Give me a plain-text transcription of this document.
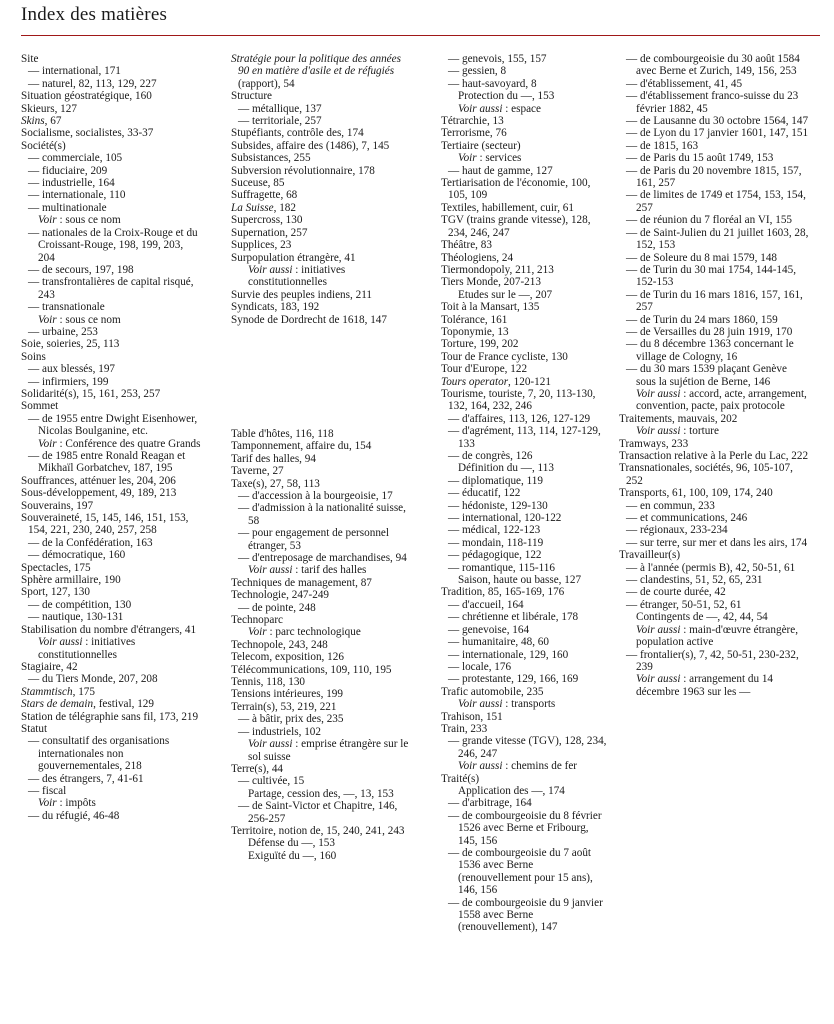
Index des matières
Site
— international, 171
— naturel, 82, 113, 129, 227
Situation géostratégique, 160
Skieurs, 127
Skins, 67
Socialisme, socialistes, 33-37
Société(s)
— commerciale, 105
— fiduciaire, 209
— industrielle, 164
— internationale, 110
— multinationale
Voir : sous ce nom
— nationales de la Croix-Rouge et du Croissant-Rouge, 198, 199, 203, 204
— de secours, 197, 198
— transfrontalières de capital risqué, 243
— transnationale
Voir : sous ce nom
— urbaine, 253
Soie, soieries, 25, 113
Soins
— aux blessés, 197
— infirmiers, 199
Solidarité(s), 15, 161, 253, 257
Sommet
— de 1955 entre Dwight Eisenhower, Nicolas Boulganine, etc.
Voir : Conférence des quatre Grands
— de 1985 entre Ronald Reagan et Mikhaïl Gorbatchev, 187, 195
Souffrances, atténuer les, 204, 206
Sous-développement, 49, 189, 213
Souverains, 197
Souveraineté, 15, 145, 146, 151, 153, 154, 221, 230, 240, 257, 258
— de la Confédération, 163
— démocratique, 160
Spectacles, 175
Sphère armillaire, 190
Sport, 127, 130
— de compétition, 130
— nautique, 130-131
Stabilisation du nombre d'étrangers, 41
Voir aussi : initiatives constitutionnelles
Stagiaire, 42
— du Tiers Monde, 207, 208
Stammtisch, 175
Stars de demain, festival, 129
Station de télégraphie sans fil, 173, 219
Statut
— consultatif des organisations internationales non gouvernementales, 218
— des étrangers, 7, 41-61
— fiscal
Voir : impôts
— du réfugié, 46-48
Stratégie pour la politique des années 90 en matière d'asile et de réfugiés (rapport), 54
Structure
— métallique, 137
— territoriale, 257
Stupéfiants, contrôle des, 174
Subsides, affaire des (1486), 7, 145
Subsistances, 255
Subversion révolutionnaire, 178
Suceuse, 85
Suffragette, 68
La Suisse, 182
Supercross, 130
Supernation, 257
Supplices, 23
Surpopulation étrangère, 41
Voir aussi : initiatives constitutionnelles
Survie des peuples indiens, 211
Syndicats, 183, 192
Synode de Dordrecht de 1618, 147
Table d'hôtes, 116, 118
Tamponnement, affaire du, 154
Tarif des halles, 94
Taverne, 27
Taxe(s), 27, 58, 113
— d'accession à la bourgeoisie, 17
— d'admission à la nationalité suisse, 58
— pour engagement de personnel étranger, 53
— d'entreposage de marchandises, 94
Voir aussi : tarif des halles
Techniques de management, 87
Technologie, 247-249
— de pointe, 248
Technoparc
Voir : parc technologique
Technopole, 243, 248
Telecom, exposition, 126
Télécommunications, 109, 110, 195
Tennis, 118, 130
Tensions intérieures, 199
Terrain(s), 53, 219, 221
— à bâtir, prix des, 235
— industriels, 102
Voir aussi : emprise étrangère sur le sol suisse
Terre(s), 44
— cultivée, 15
Partage, cession des, —, 13, 153
— de Saint-Victor et Chapitre, 146, 256-257
Territoire, notion de, 15, 240, 241, 243
Défense du —, 153
Exiguïté du —, 160
— genevois, 155, 157
— gessien, 8
— haut-savoyard, 8
Protection du —, 153
Voir aussi : espace
Tétrarchie, 13
Terrorisme, 76
Tertiaire (secteur)
Voir : services
— haut de gamme, 127
Tertiarisation de l'économie, 100, 105, 109
Textiles, habillement, cuir, 61
TGV (trains grande vitesse), 128, 234, 246, 247
Théâtre, 83
Théologiens, 24
Tiermondopoly, 211, 213
Tiers Monde, 207-213
Etudes sur le —, 207
Toit à la Mansart, 135
Tolérance, 161
Toponymie, 13
Torture, 199, 202
Tour de France cycliste, 130
Tour d'Europe, 122
Tours operator, 120-121
Tourisme, touriste, 7, 20, 113-130, 132, 164, 232, 246
— d'affaires, 113, 126, 127-129
— d'agrément, 113, 114, 127-129, 133
— de congrès, 126
Définition du —, 113
— diplomatique, 119
— éducatif, 122
— hédoniste, 129-130
— international, 120-122
— médical, 122-123
— mondain, 118-119
— pédagogique, 122
— romantique, 115-116
Saison, haute ou basse, 127
Tradition, 85, 165-169, 176
— d'accueil, 164
— chrétienne et libérale, 178
— genevoise, 164
— humanitaire, 48, 60
— internationale, 129, 160
— locale, 176
— protestante, 129, 166, 169
Trafic automobile, 235
Voir aussi : transports
Trahison, 151
Train, 233
— grande vitesse (TGV), 128, 234, 246, 247
Voir aussi : chemins de fer
Traité(s)
Application des —, 174
— d'arbitrage, 164
— de combourgeoisie du 8 février 1526 avec Berne et Fribourg, 145, 156
— de combourgeoisie du 7 août 1536 avec Berne (renouvellement pour 15 ans), 146, 156
— de combourgeoisie du 9 janvier 1558 avec Berne (renouvellement), 147
— de combourgeoisie du 30 août 1584 avec Berne et Zurich, 149, 156, 253
— d'établissement, 41, 45
— d'établissement franco-suisse du 23 février 1882, 45
— de Lausanne du 30 octobre 1564, 147
— de Lyon du 17 janvier 1601, 147, 151
— de 1815, 163
— de Paris du 15 août 1749, 153
— de Paris du 20 novembre 1815, 157, 161, 257
— de limites de 1749 et 1754, 153, 154, 257
— de réunion du 7 floréal an VI, 155
— de Saint-Julien du 21 juillet 1603, 28, 152, 153
— de Soleure du 8 mai 1579, 148
— de Turin du 30 mai 1754, 144-145, 152-153
— de Turin du 16 mars 1816, 157, 161, 257
— de Turin du 24 mars 1860, 159
— de Versailles du 28 juin 1919, 170
— du 8 décembre 1363 concernant le village de Cologny, 16
— du 30 mars 1539 plaçant Genève sous la sujétion de Berne, 146
Voir aussi : accord, acte, arrangement, convention, pacte, paix protocole
Traitements, mauvais, 202
Voir aussi : torture
Tramways, 233
Transaction relative à la Perle du Lac, 222
Transnationales, sociétés, 96, 105-107, 252
Transports, 61, 100, 109, 174, 240
— en commun, 233
— et communications, 246
— régionaux, 233-234
— sur terre, sur mer et dans les airs, 174
Travailleur(s)
— à l'année (permis B), 42, 50-51, 61
— clandestins, 51, 52, 65, 231
— de courte durée, 42
— étranger, 50-51, 52, 61
Contingents de —, 42, 44, 54
Voir aussi : main-d'œuvre étrangère, population active
— frontalier(s), 7, 42, 50-51, 230-232, 239
Voir aussi : arrangement du 14 décembre 1963 sur les —
